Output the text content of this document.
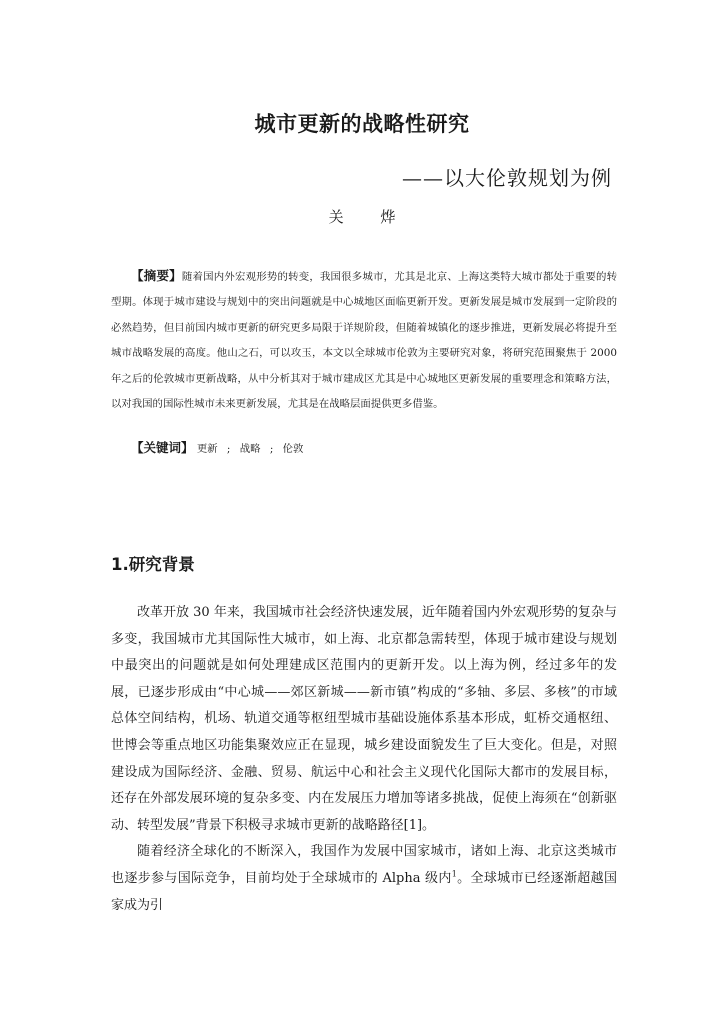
城市更新的战略性研究
——以大伦敦规划为例
关 烨
【摘要】随着国内外宏观形势的转变，我国很多城市，尤其是北京、上海这类特大城市都处于重要的转型期。体现于城市建设与规划中的突出问题就是中心城地区面临更新开发。更新发展是城市发展到一定阶段的必然趋势，但目前国内城市更新的研究更多局限于详规阶段，但随着城镇化的逐步推进，更新发展必将提升至城市战略发展的高度。他山之石，可以攻玉，本文以全球城市伦敦为主要研究对象，将研究范围聚焦于 2000 年之后的伦敦城市更新战略，从中分析其对于城市建成区尤其是中心城地区更新发展的重要理念和策略方法，以对我国的国际性城市未来更新发展，尤其是在战略层面提供更多借鉴。
【关键词】 更新 ; 战略 ; 伦敦
1.研究背景

改革开放 30 年来，我国城市社会经济快速发展，近年随着国内外宏观形势的复杂与多变，我国城市尤其国际性大城市，如上海、北京都急需转型，体现于城市建设与规划中最突出的问题就是如何处理建成区范围内的更新开发。以上海为例，经过多年的发展，已逐步形成由“中心城——郊区新城——新市镇”构成的“多轴、多层、多核”的市域总体空间结构，机场、轨道交通等枢纽型城市基础设施体系基本形成，虹桥交通枢纽、世博会等重点地区功能集聚效应正在显现，城乡建设面貌发生了巨大变化。但是，对照建设成为国际经济、金融、贸易、航运中心和社会主义现代化国际大都市的发展目标，还存在外部发展环境的复杂多变、内在发展压力增加等诸多挑战，促使上海须在“创新驱动、转型发展”背景下积极寻求城市更新的战略路径[1]。

随着经济全球化的不断深入，我国作为发展中国家城市，诸如上海、北京这类城市也逐步参与国际竞争，目前均处于全球城市的 Alpha 级内$^1$。全球城市已经逐渐超越国家成为引
